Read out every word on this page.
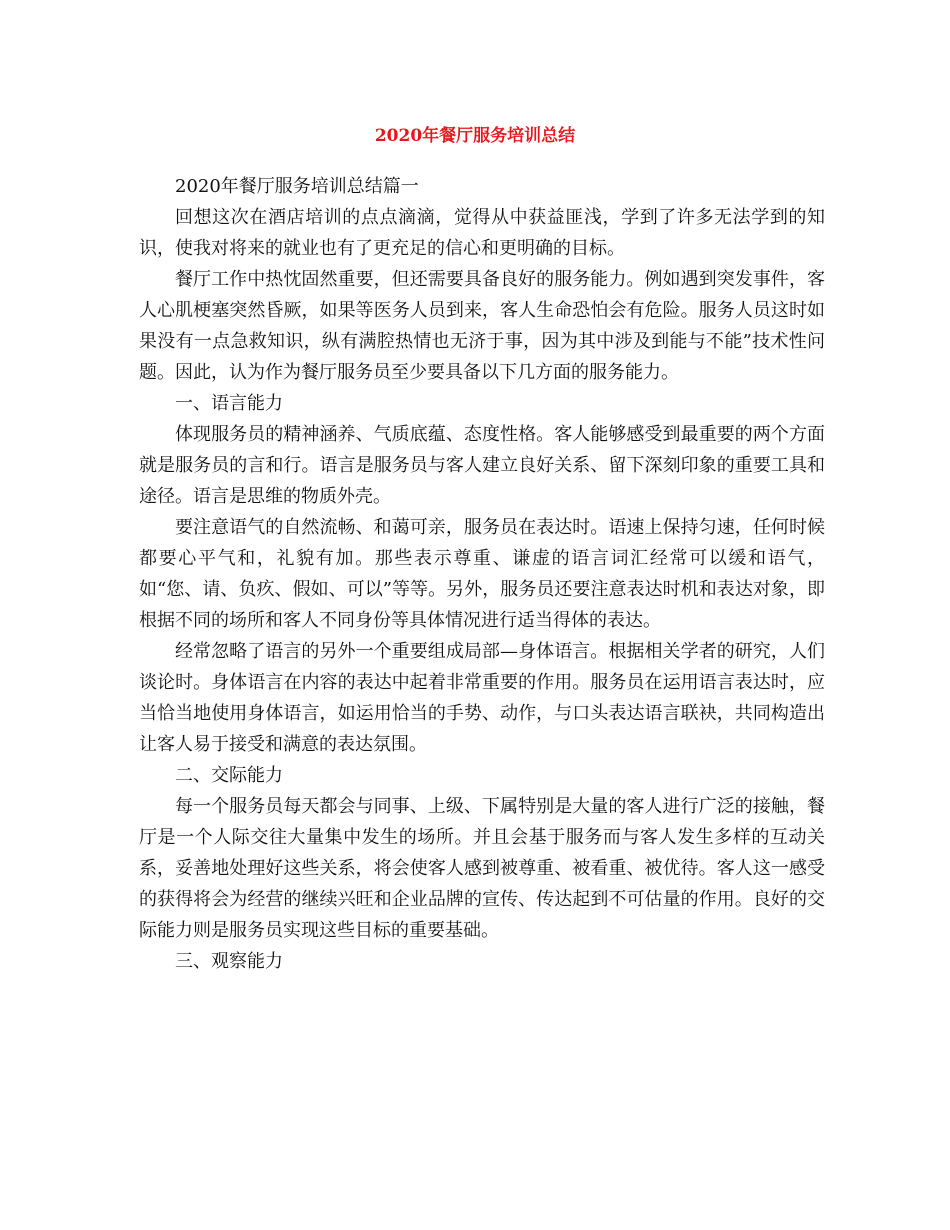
2020年餐厅服务培训总结

2020年餐厅服务培训总结篇一

回想这次在酒店培训的点点滴滴，觉得从中获益匪浅，学到了许多无法学到的知识，使我对将来的就业也有了更充足的信心和更明确的目标。

餐厅工作中热忱固然重要，但还需要具备良好的服务能力。例如遇到突发事件，客人心肌梗塞突然昏厥，如果等医务人员到来，客人生命恐怕会有危险。服务人员这时如果没有一点急救知识，纵有满腔热情也无济于事，因为其中涉及到能与不能”技术性问题。因此，认为作为餐厅服务员至少要具备以下几方面的服务能力。

一、语言能力

体现服务员的精神涵养、气质底蕴、态度性格。客人能够感受到最重要的两个方面就是服务员的言和行。语言是服务员与客人建立良好关系、留下深刻印象的重要工具和途径。语言是思维的物质外壳。

要注意语气的自然流畅、和蔼可亲，服务员在表达时。语速上保持匀速，任何时候都要心平气和，礼貌有加。那些表示尊重、谦虚的语言词汇经常可以缓和语气，如“您、请、负疚、假如、可以”等等。另外，服务员还要注意表达时机和表达对象，即根据不同的场所和客人不同身份等具体情况进行适当得体的表达。

经常忽略了语言的另外一个重要组成局部—身体语言。根据相关学者的研究，人们谈论时。身体语言在内容的表达中起着非常重要的作用。服务员在运用语言表达时，应当恰当地使用身体语言，如运用恰当的手势、动作，与口头表达语言联袂，共同构造出让客人易于接受和满意的表达氛围。

二、交际能力

每一个服务员每天都会与同事、上级、下属特别是大量的客人进行广泛的接触，餐厅是一个人际交往大量集中发生的场所。并且会基于服务而与客人发生多样的互动关系，妥善地处理好这些关系，将会使客人感到被尊重、被看重、被优待。客人这一感受的获得将会为经营的继续兴旺和企业品牌的宣传、传达起到不可估量的作用。良好的交际能力则是服务员实现这些目标的重要基础。

三、观察能力
